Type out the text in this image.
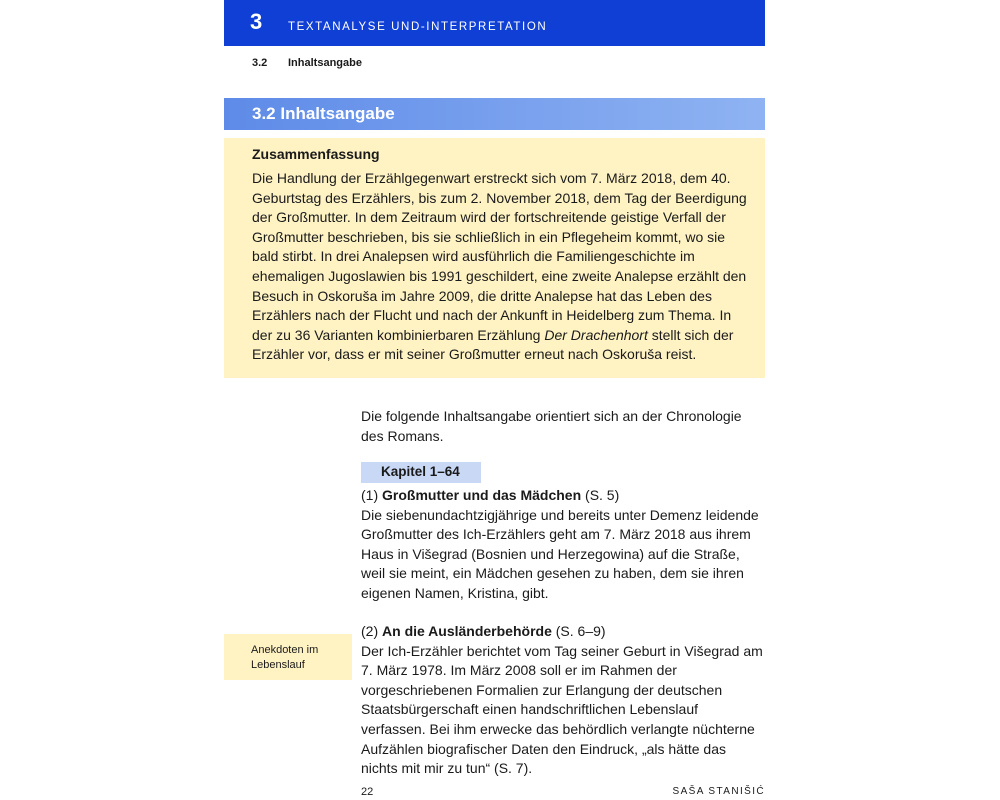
3 TEXTANALYSE UND-INTERPRETATION
3.2 Inhaltsangabe
3.2 Inhaltsangabe
Zusammenfassung
Die Handlung der Erzählgegenwart erstreckt sich vom 7. März 2018, dem 40. Geburtstag des Erzählers, bis zum 2. November 2018, dem Tag der Beerdigung der Großmutter. In dem Zeitraum wird der fortschreitende geistige Verfall der Großmutter beschrieben, bis sie schließlich in ein Pflegeheim kommt, wo sie bald stirbt. In drei Analepsen wird ausführlich die Familiengeschichte im ehemaligen Jugoslawien bis 1991 geschildert, eine zweite Analepse erzählt den Besuch in Oskoruša im Jahre 2009, die dritte Analepse hat das Leben des Erzählers nach der Flucht und nach der Ankunft in Heidelberg zum Thema. In der zu 36 Varianten kombinierbaren Erzählung Der Drachenhort stellt sich der Erzähler vor, dass er mit seiner Großmutter erneut nach Oskoruša reist.
Die folgende Inhaltsangabe orientiert sich an der Chronologie des Romans.
Kapitel 1–64
(1) Großmutter und das Mädchen (S. 5)
Die siebenundachtzigjährige und bereits unter Demenz leidende Großmutter des Ich-Erzählers geht am 7. März 2018 aus ihrem Haus in Višegrad (Bosnien und Herzegowina) auf die Straße, weil sie meint, ein Mädchen gesehen zu haben, dem sie ihren eigenen Namen, Kristina, gibt.
Anekdoten im Lebenslauf
(2) An die Ausländerbehörde (S. 6–9)
Der Ich-Erzähler berichtet vom Tag seiner Geburt in Višegrad am 7. März 1978. Im März 2008 soll er im Rahmen der vorgeschriebenen Formalien zur Erlangung der deutschen Staatsbürgerschaft einen handschriftlichen Lebenslauf verfassen. Bei ihm erwecke das behördlich verlangte nüchterne Aufzählen biografischer Daten den Eindruck, „als hätte das nichts mit mir zu tun“ (S. 7).
22	SAŠA STANIŠIĆ
